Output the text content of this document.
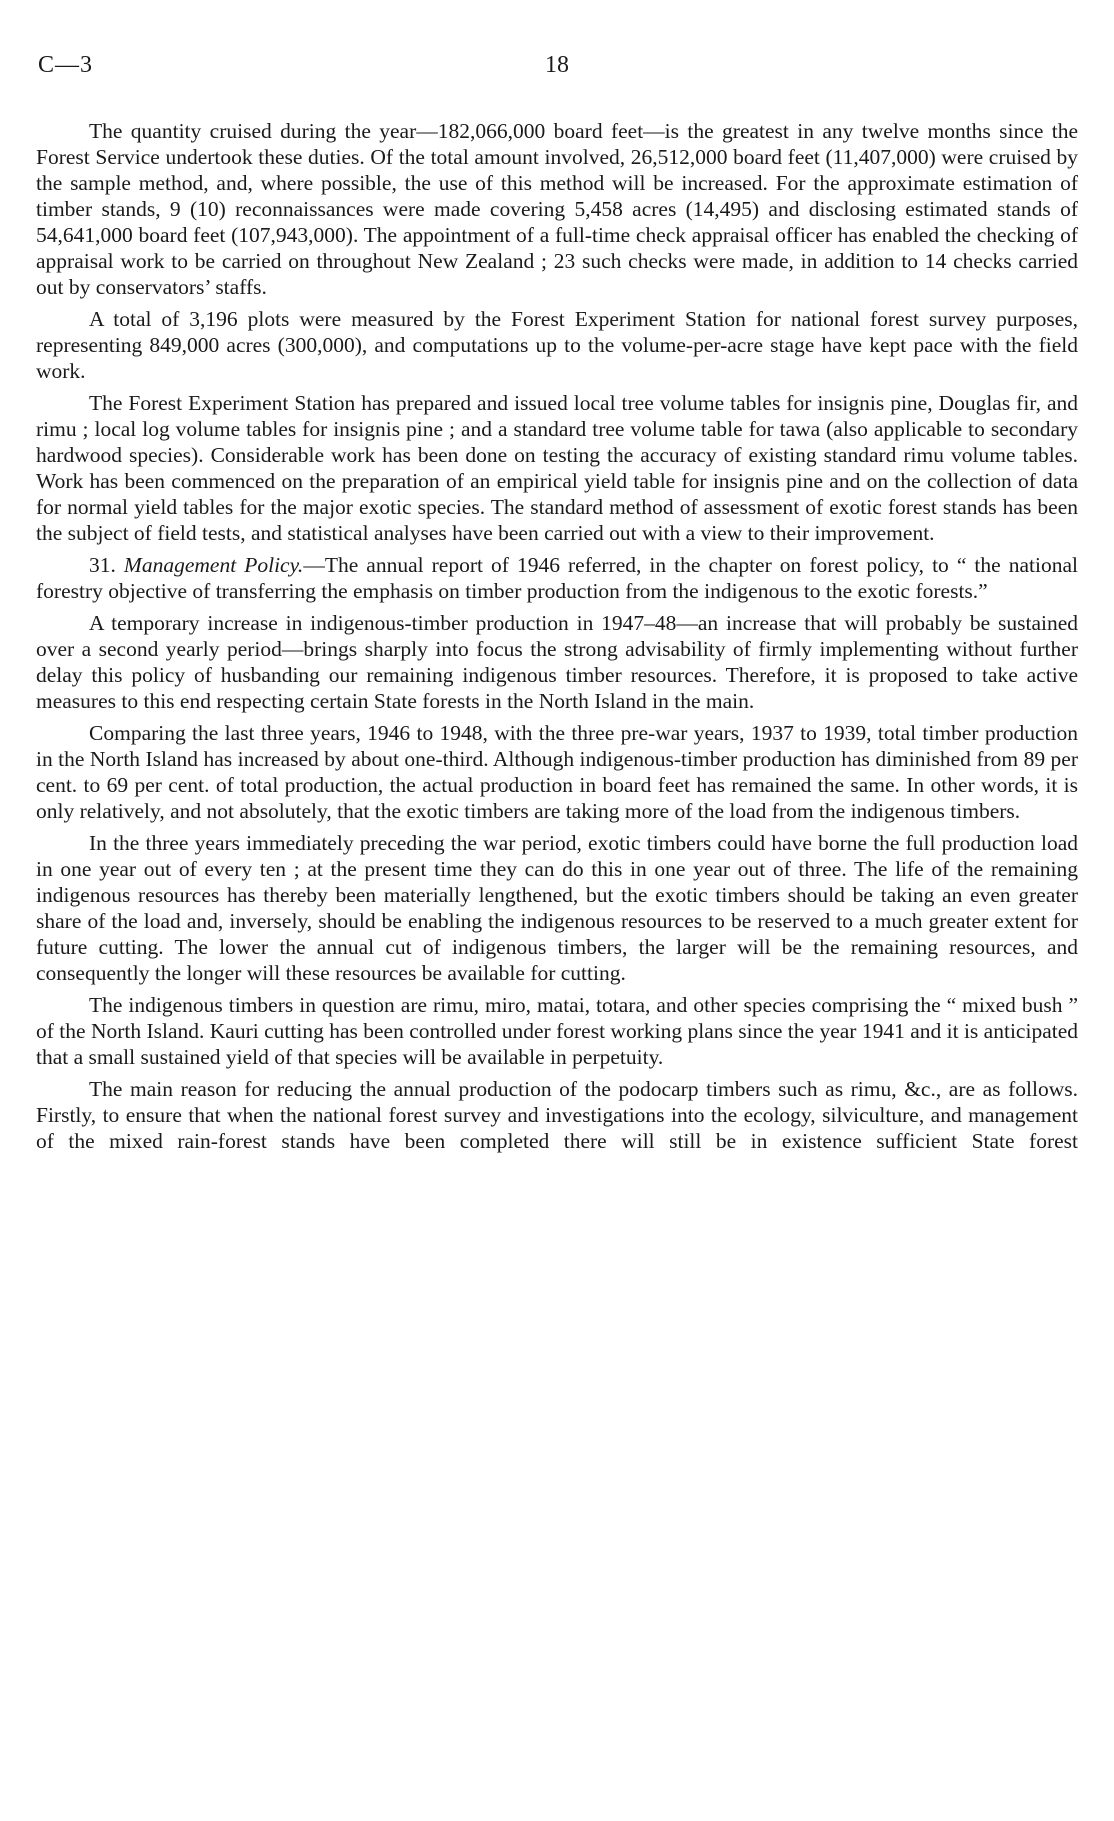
C—3	18

The quantity cruised during the year—182,066,000 board feet—is the greatest in any twelve months since the Forest Service undertook these duties. Of the total amount involved, 26,512,000 board feet (11,407,000) were cruised by the sample method, and, where possible, the use of this method will be increased. For the approximate estimation of timber stands, 9 (10) reconnaissances were made covering 5,458 acres (14,495) and disclosing estimated stands of 54,641,000 board feet (107,943,000). The appointment of a full-time check appraisal officer has enabled the checking of appraisal work to be carried on throughout New Zealand ; 23 such checks were made, in addition to 14 checks carried out by conservators’ staffs.

A total of 3,196 plots were measured by the Forest Experiment Station for national forest survey purposes, representing 849,000 acres (300,000), and computations up to the volume-per-acre stage have kept pace with the field work.

The Forest Experiment Station has prepared and issued local tree volume tables for insignis pine, Douglas fir, and rimu ; local log volume tables for insignis pine ; and a standard tree volume table for tawa (also applicable to secondary hardwood species). Considerable work has been done on testing the accuracy of existing standard rimu volume tables. Work has been commenced on the preparation of an empirical yield table for insignis pine and on the collection of data for normal yield tables for the major exotic species. The standard method of assessment of exotic forest stands has been the subject of field tests, and statistical analyses have been carried out with a view to their improvement.

31. Management Policy.—The annual report of 1946 referred, in the chapter on forest policy, to “ the national forestry objective of transferring the emphasis on timber production from the indigenous to the exotic forests.”

A temporary increase in indigenous-timber production in 1947–48—an increase that will probably be sustained over a second yearly period—brings sharply into focus the strong advisability of firmly implementing without further delay this policy of husbanding our remaining indigenous timber resources. Therefore, it is proposed to take active measures to this end respecting certain State forests in the North Island in the main.

Comparing the last three years, 1946 to 1948, with the three pre-war years, 1937 to 1939, total timber production in the North Island has increased by about one-third. Although indigenous-timber production has diminished from 89 per cent. to 69 per cent. of total production, the actual production in board feet has remained the same. In other words, it is only relatively, and not absolutely, that the exotic timbers are taking more of the load from the indigenous timbers.

In the three years immediately preceding the war period, exotic timbers could have borne the full production load in one year out of every ten ; at the present time they can do this in one year out of three. The life of the remaining indigenous resources has thereby been materially lengthened, but the exotic timbers should be taking an even greater share of the load and, inversely, should be enabling the indigenous resources to be reserved to a much greater extent for future cutting. The lower the annual cut of indigenous timbers, the larger will be the remaining resources, and consequently the longer will these resources be available for cutting.

The indigenous timbers in question are rimu, miro, matai, totara, and other species comprising the “ mixed bush ” of the North Island. Kauri cutting has been controlled under forest working plans since the year 1941 and it is anticipated that a small sustained yield of that species will be available in perpetuity.

The main reason for reducing the annual production of the podocarp timbers such as rimu, &c., are as follows. Firstly, to ensure that when the national forest survey and investigations into the ecology, silviculture, and management of the mixed rain-forest stands have been completed there will still be in existence sufficient State forest
